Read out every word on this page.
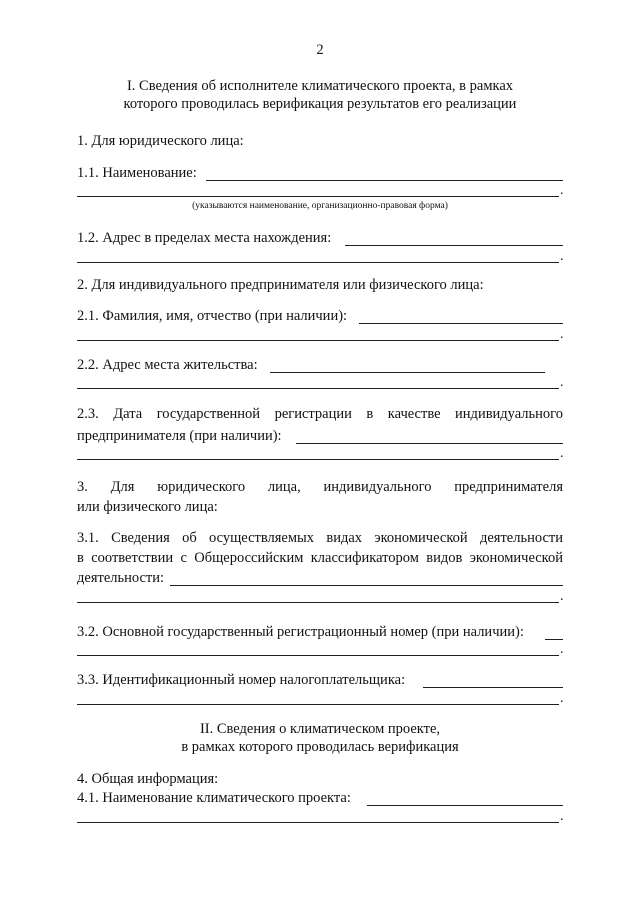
2
I. Сведения об исполнителе климатического проекта, в рамках
которого проводилась верификация результатов его реализации
1. Для юридического лица:
1.1. Наименование:
.
(указываются наименование, организационно-правовая форма)
1.2. Адрес в пределах места нахождения:
.
2. Для индивидуального предпринимателя или физического лица:
2.1. Фамилия, имя, отчество (при наличии):
.
2.2. Адрес места жительства:
.
2.3. Дата государственной регистрации в качестве индивидуального
предпринимателя (при наличии):
.
3. Для юридического лица, индивидуального предпринимателя
или физического лица:
3.1. Сведения об осуществляемых видах экономической деятельности
в соответствии с Общероссийским классификатором видов экономической
деятельности:
.
3.2. Основной государственный регистрационный номер (при наличии):
.
3.3. Идентификационный номер налогоплательщика:
.
II. Сведения о климатическом проекте,
в рамках которого проводилась верификация
4. Общая информация:
4.1. Наименование климатического проекта:
.
